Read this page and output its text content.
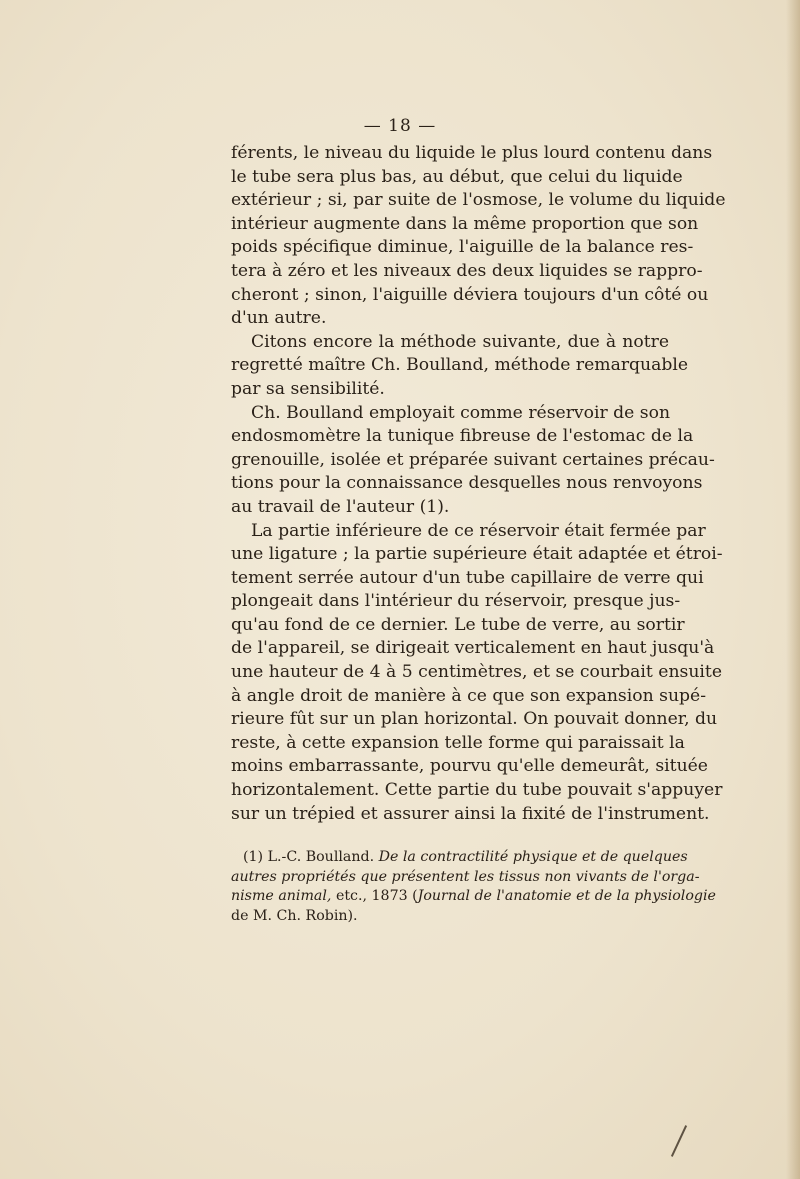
— 18 —
férents, le niveau du liquide le plus lourd contenu dans
le tube sera plus bas, au début, que celui du liquide
extérieur ; si, par suite de l'osmose, le volume du liquide
intérieur augmente dans la même proportion que son
poids spécifique diminue, l'aiguille de la balance res-
tera à zéro et les niveaux des deux liquides se rappro-
cheront ; sinon, l'aiguille déviera toujours d'un côté ou
d'un autre.
Citons encore la méthode suivante, due à notre
regretté maître Ch. Boulland, méthode remarquable
par sa sensibilité.
Ch. Boulland employait comme réservoir de son
endosmomètre la tunique fibreuse de l'estomac de la
grenouille, isolée et préparée suivant certaines précau-
tions pour la connaissance desquelles nous renvoyons
au travail de l'auteur (1).
La partie inférieure de ce réservoir était fermée par
une ligature ; la partie supérieure était adaptée et étroi-
tement serrée autour d'un tube capillaire de verre qui
plongeait dans l'intérieur du réservoir, presque jus-
qu'au fond de ce dernier. Le tube de verre, au sortir
de l'appareil, se dirigeait verticalement en haut jusqu'à
une hauteur de 4 à 5 centimètres, et se courbait ensuite
à angle droit de manière à ce que son expansion supé-
rieure fût sur un plan horizontal. On pouvait donner, du
reste, à cette expansion telle forme qui paraissait la
moins embarrassante, pourvu qu'elle demeurât, située
horizontalement. Cette partie du tube pouvait s'appuyer
sur un trépied et assurer ainsi la fixité de l'instrument.
(1) L.-C. Boulland. De la contractilité physique et de quelques
autres propriétés que présentent les tissus non vivants de l'orga-
nisme animal, etc., 1873 (Journal de l'anatomie et de la physiologie
de M. Ch. Robin).
